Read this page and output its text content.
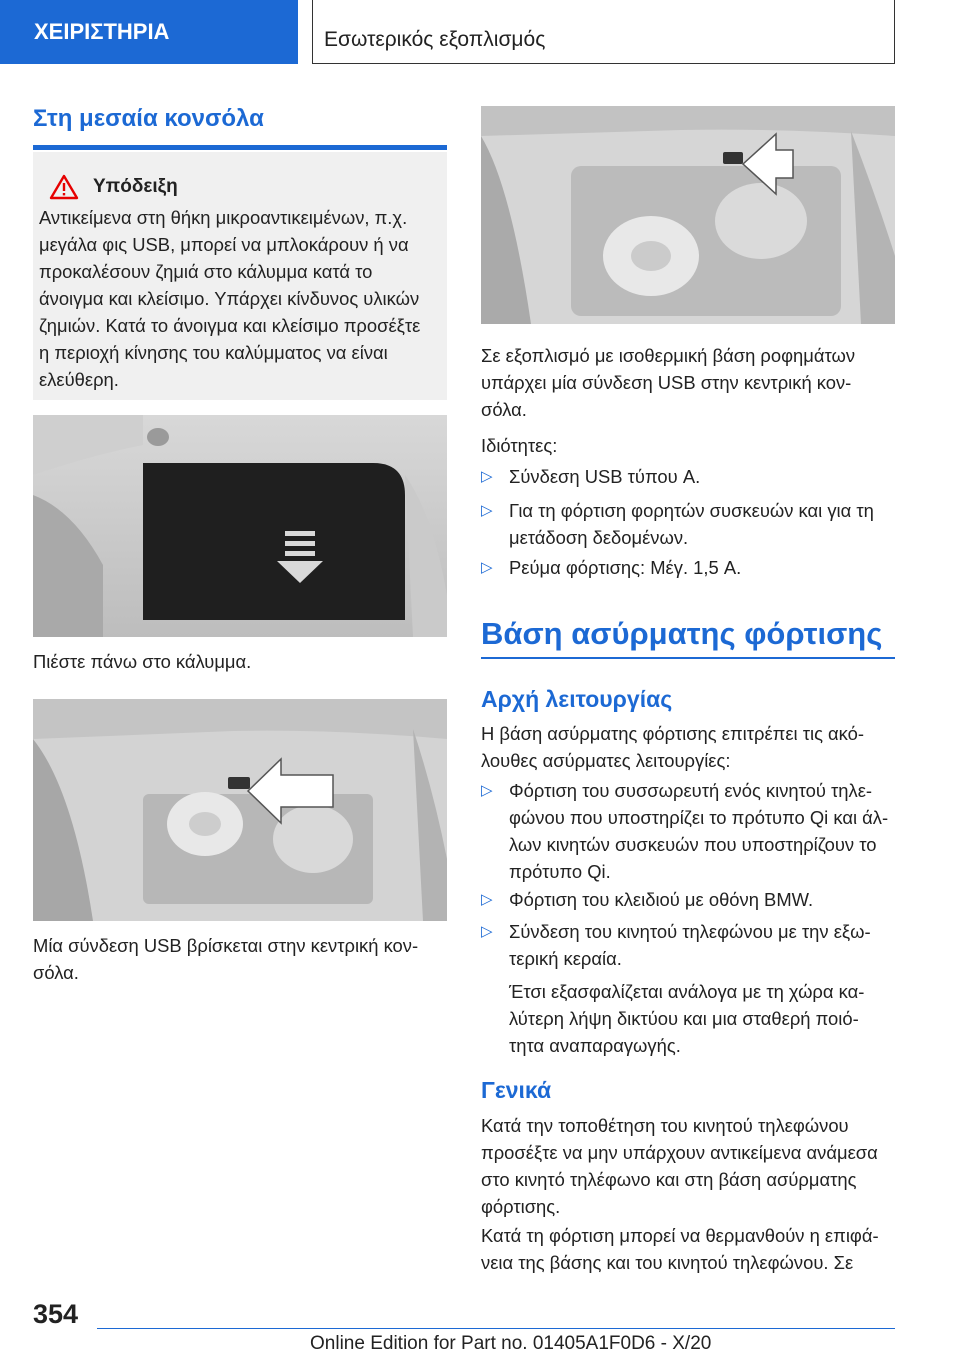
ΧΕΙΡΙΣΤΗΡΙΑ	Εσωτερικός εξοπλισμός
Στη μεσαία κονσόλα
Υπόδειξη
Αντικείμενα στη θήκη μικροαντικειμένων, π.χ.
μεγάλα φις USB, μπορεί να μπλοκάρουν ή να
προκαλέσουν ζημιά στο κάλυμμα κατά το
άνοιγμα και κλείσιμο. Υπάρχει κίνδυνος υλικών
ζημιών. Κατά το άνοιγμα και κλείσιμο προσέξτε
η περιοχή κίνησης του καλύμματος να είναι
ελεύθερη.
Πιέστε πάνω στο κάλυμμα.
Μία σύνδεση USB βρίσκεται στην κεντρική κον-
σόλα.
Σε εξοπλισμό με ισοθερμική βάση ροφημάτων
υπάρχει μία σύνδεση USB στην κεντρική κον-
σόλα.
Ιδιότητες:
▷ Σύνδεση USB τύπου A.
▷ Για τη φόρτιση φορητών συσκευών και για τη
μετάδοση δεδομένων.
▷ Ρεύμα φόρτισης: Μέγ. 1,5 A.
Βάση ασύρματης φόρτισης
Αρχή λειτουργίας
Η βάση ασύρματης φόρτισης επιτρέπει τις ακό-
λουθες ασύρματες λειτουργίες:
▷ Φόρτιση του συσσωρευτή ενός κινητού τηλε-
φώνου που υποστηρίζει το πρότυπο Qi και άλ-
λων κινητών συσκευών που υποστηρίζουν το
πρότυπο Qi.
▷ Φόρτιση του κλειδιού με οθόνη BMW.
▷ Σύνδεση του κινητού τηλεφώνου με την εξω-
τερική κεραία.
Έτσι εξασφαλίζεται ανάλογα με τη χώρα κα-
λύτερη λήψη δικτύου και μια σταθερή ποιό-
τητα αναπαραγωγής.
Γενικά
Κατά την τοποθέτηση του κινητού τηλεφώνου
προσέξτε να μην υπάρχουν αντικείμενα ανάμεσα
στο κινητό τηλέφωνο και στη βάση ασύρματης
φόρτισης.
Κατά τη φόρτιση μπορεί να θερμανθούν η επιφά-
νεια της βάσης και του κινητού τηλεφώνου. Σε
354
Online Edition for Part no. 01405A1F0D6 - X/20
